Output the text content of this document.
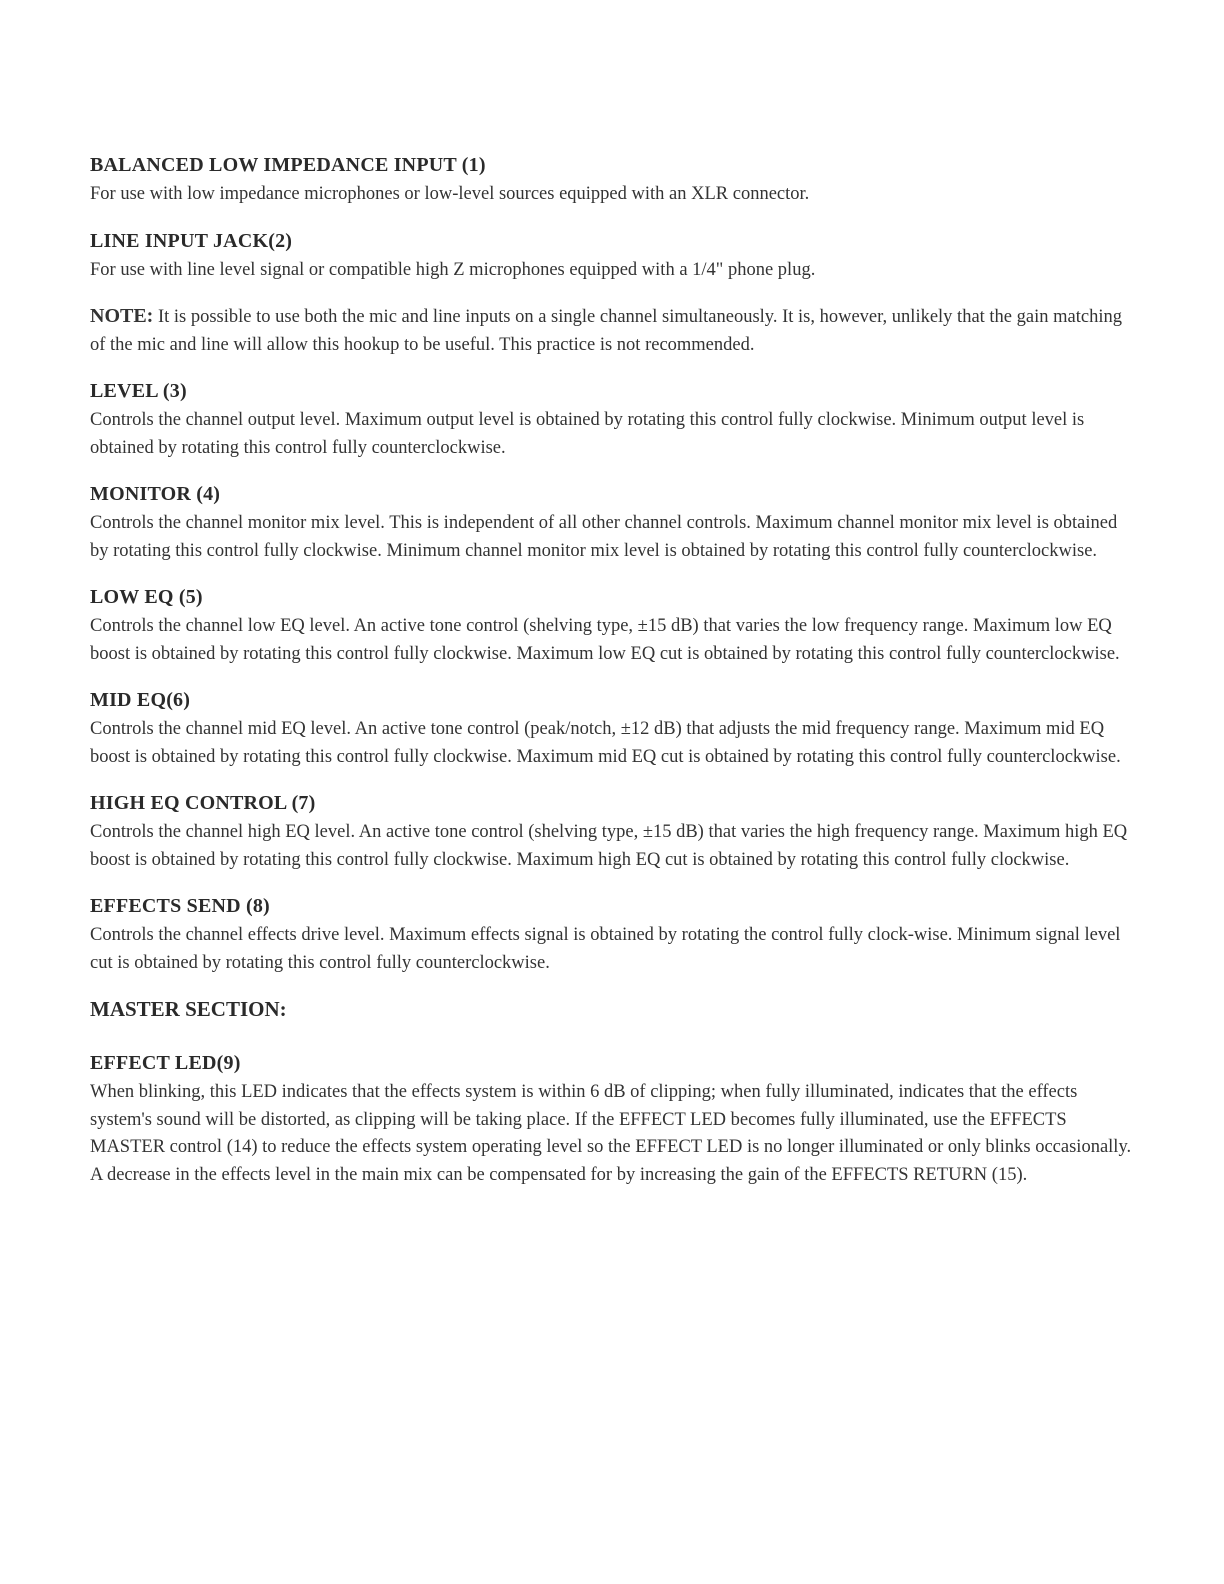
BALANCED LOW IMPEDANCE INPUT (1)

For use with low impedance microphones or low-level sources equipped with an XLR connector.

LINE INPUT JACK(2)

For use with line level signal or compatible high Z microphones equipped with a 1/4" phone plug.

NOTE: It is possible to use both the mic and line inputs on a single channel simultaneously. It is, however, unlikely that the gain matching of the mic and line will allow this hookup to be useful. This practice is not recommended.

LEVEL (3)

Controls the channel output level. Maximum output level is obtained by rotating this control fully clockwise. Minimum output level is obtained by rotating this control fully counterclockwise.

MONITOR (4)

Controls the channel monitor mix level. This is independent of all other channel controls. Maximum channel monitor mix level is obtained by rotating this control fully clockwise. Minimum channel monitor mix level is obtained by rotating this control fully counterclockwise.

LOW EQ (5)

Controls the channel low EQ level. An active tone control (shelving type, ±15 dB) that varies the low frequency range. Maximum low EQ boost is obtained by rotating this control fully clockwise. Maximum low EQ cut is obtained by rotating this control fully counterclockwise.

MID EQ(6)

Controls the channel mid EQ level. An active tone control (peak/notch, ±12 dB) that adjusts the mid frequency range. Maximum mid EQ boost is obtained by rotating this control fully clockwise. Maximum mid EQ cut is obtained by rotating this control fully counterclockwise.

HIGH EQ CONTROL (7)

Controls the channel high EQ level. An active tone control (shelving type, ±15 dB) that varies the high frequency range. Maximum high EQ boost is obtained by rotating this control fully clockwise. Maximum high EQ cut is obtained by rotating this control fully clockwise.

EFFECTS SEND (8)

Controls the channel effects drive level. Maximum effects signal is obtained by rotating the control fully clock-wise. Minimum signal level cut is obtained by rotating this control fully counterclockwise.

MASTER SECTION:
EFFECT LED(9)

When blinking, this LED indicates that the effects system is within 6 dB of clipping; when fully illuminated, indicates that the effects system's sound will be distorted, as clipping will be taking place. If the EFFECT LED becomes fully illuminated, use the EFFECTS MASTER control (14) to reduce the effects system operating level so the EFFECT LED is no longer illuminated or only blinks occasionally. A decrease in the effects level in the main mix can be compensated for by increasing the gain of the EFFECTS RETURN (15).
